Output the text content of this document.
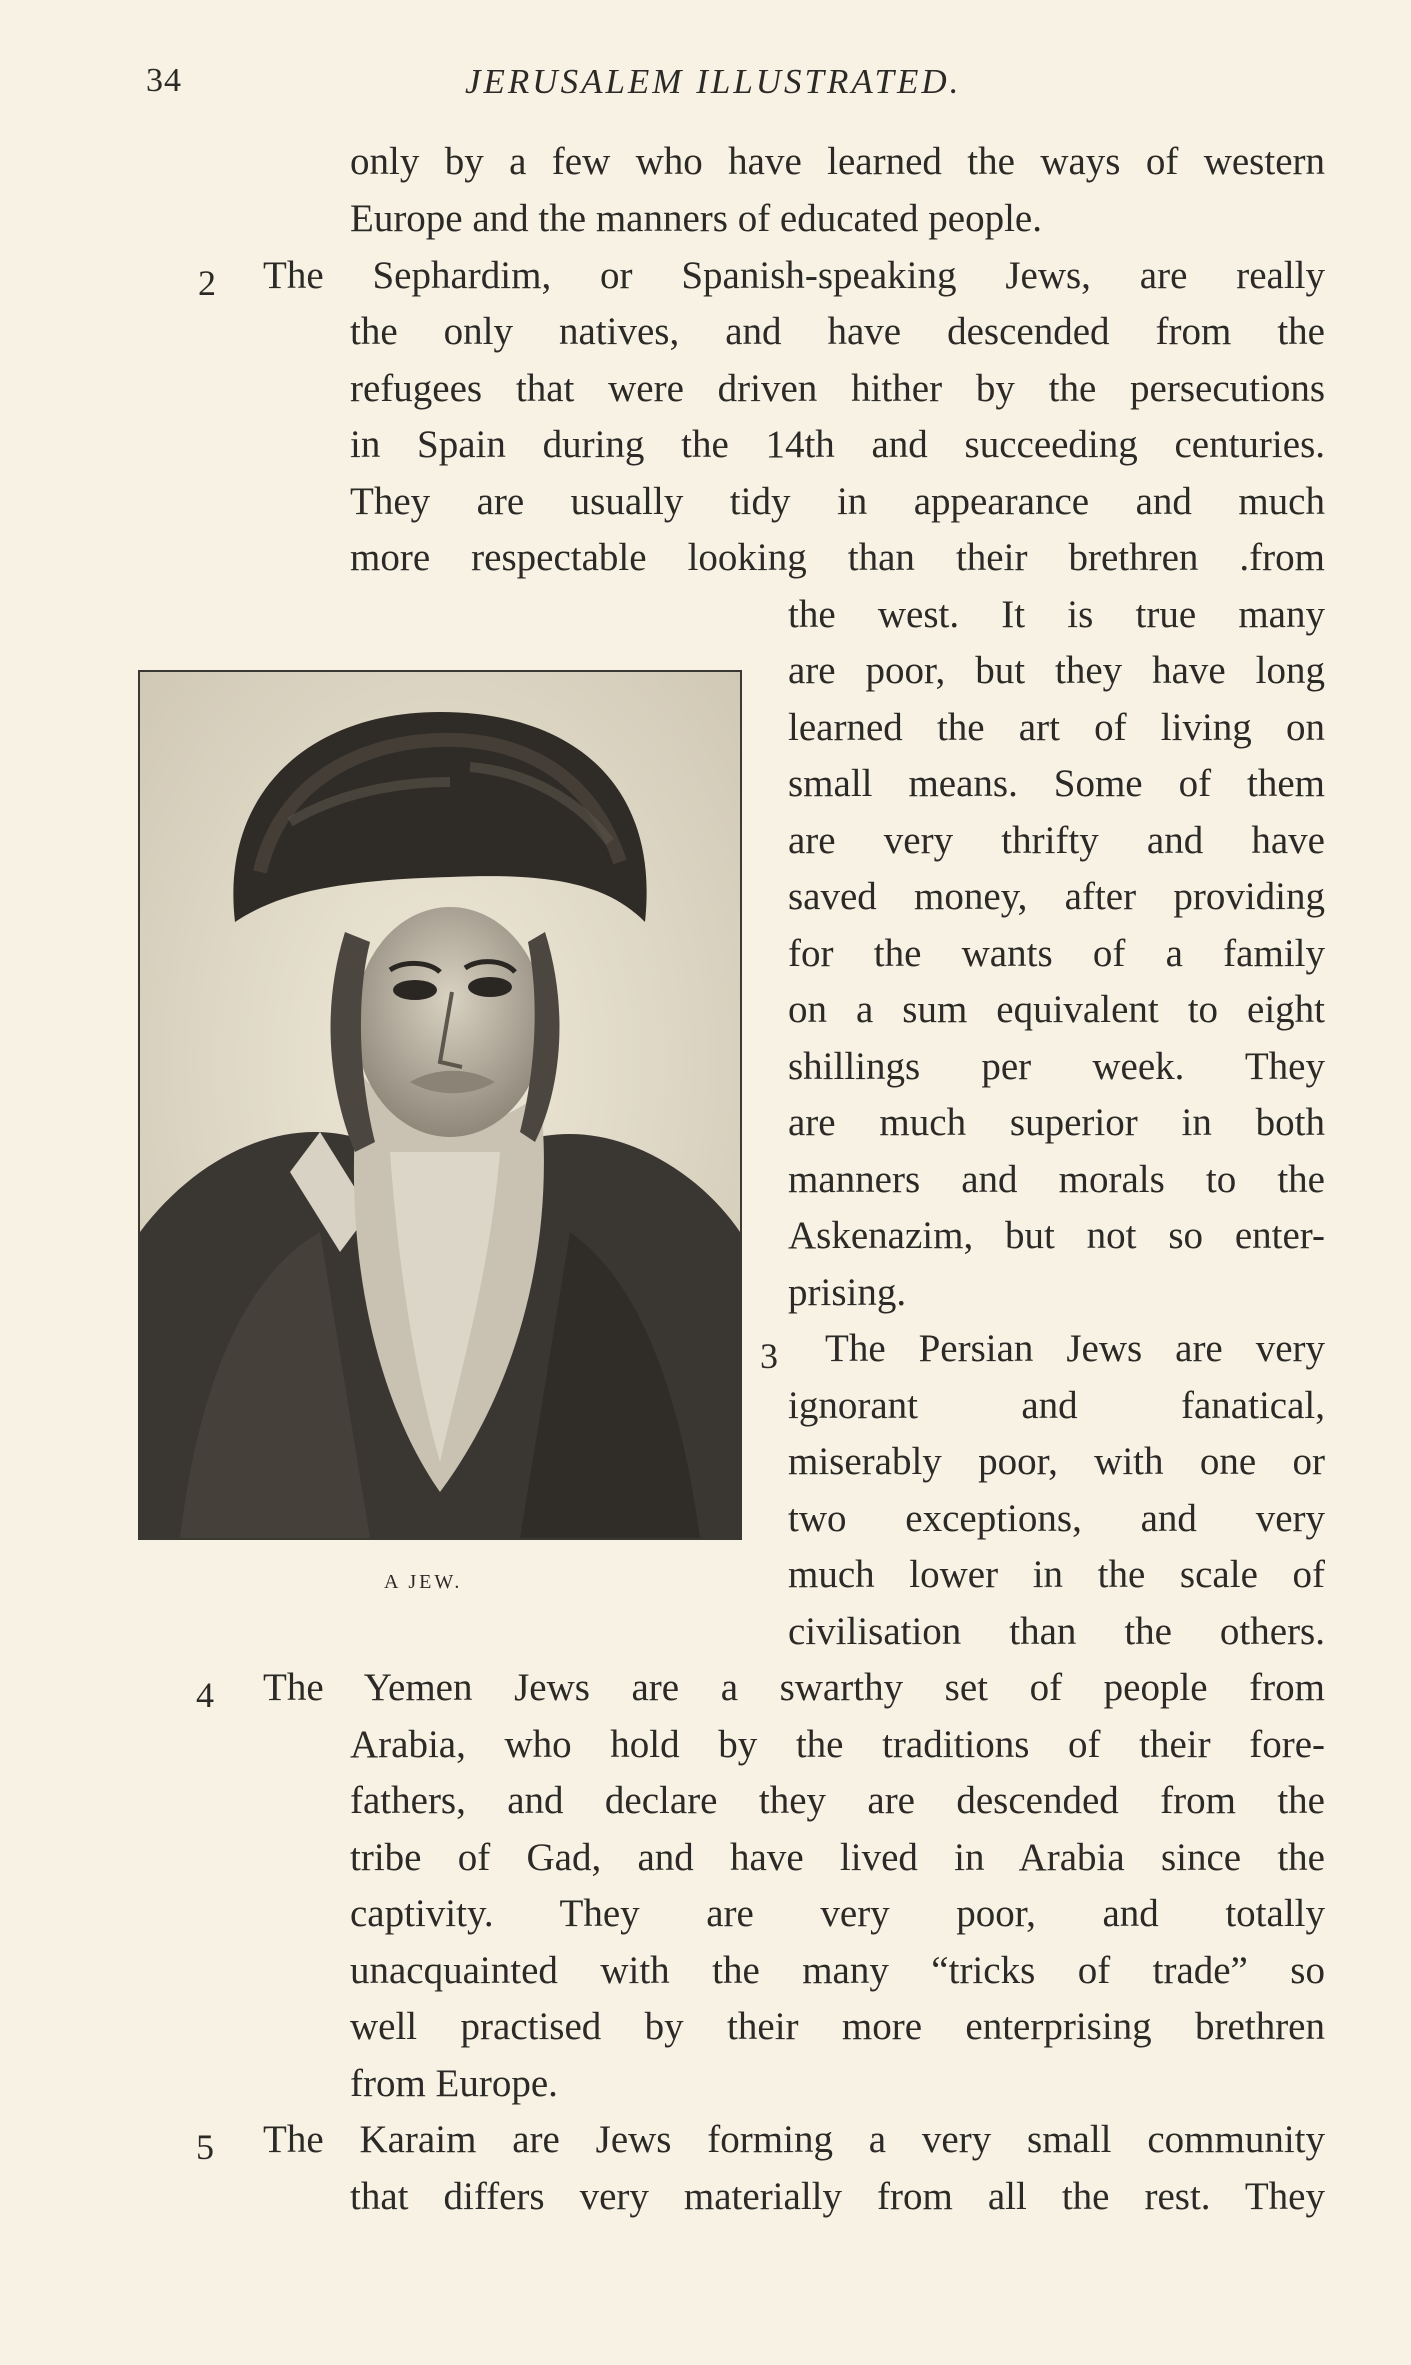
34	JERUSALEM ILLUSTRATED.
only by a few who have learned the ways of western
Europe and the manners of educated people.
2 The Sephardim, or Spanish-speaking Jews, are really
the only natives, and have descended from the
refugees that were driven hither by the persecutions
in Spain during the 14th and succeeding centuries.
They are usually tidy in appearance and much
more respectable looking than their brethren .from
the west. It is true many
are poor, but they have long
learned the art of living on
small means. Some of them
are very thrifty and have
saved money, after providing
for the wants of a family
on a sum equivalent to eight
shillings per week. They
are much superior in both
manners and morals to the
Askenazim, but not so enter-
prising.
3 The Persian Jews are very
ignorant and fanatical,
miserably poor, with one or
two exceptions, and very
much lower in the scale of
civilisation than the others.
4 The Yemen Jews are a swarthy set of people from
Arabia, who hold by the traditions of their fore-
fathers, and declare they are descended from the
tribe of Gad, and have lived in Arabia since the
captivity. They are very poor, and totally
unacquainted with the many “tricks of trade” so
well practised by their more enterprising brethren
from Europe.
5 The Karaim are Jews forming a very small community
that differs very materially from all the rest. They
A JEW.
